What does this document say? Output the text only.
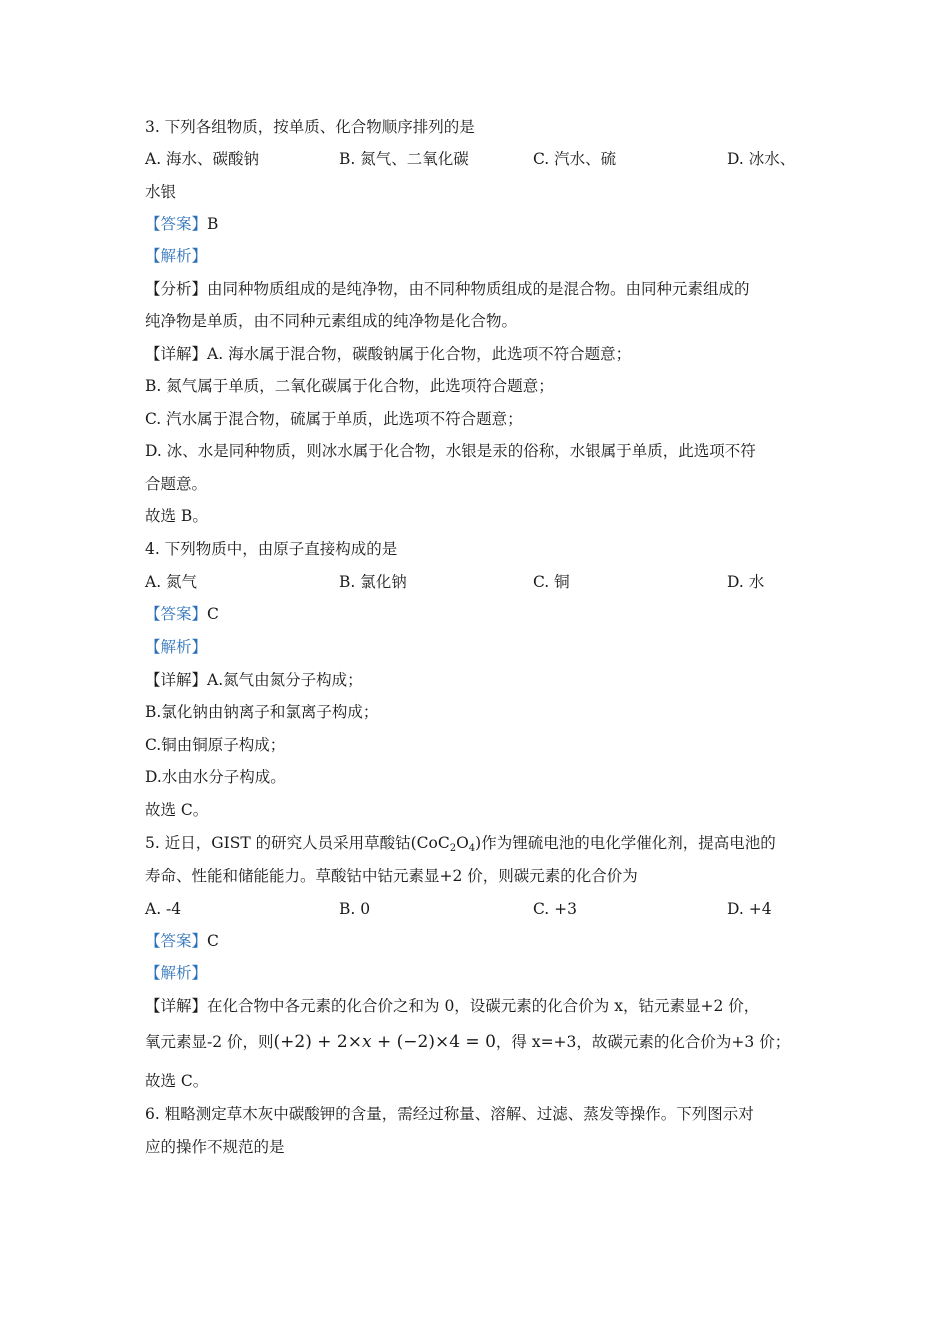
3. 下列各组物质，按单质、化合物顺序排列的是
A. 海水、碳酸钠	B. 氮气、二氧化碳	C. 汽水、硫	D. 冰水、
水银
【答案】B
【解析】
【分析】由同种物质组成的是纯净物，由不同种物质组成的是混合物。由同种元素组成的
纯净物是单质，由不同种元素组成的纯净物是化合物。
【详解】A. 海水属于混合物，碳酸钠属于化合物，此选项不符合题意；
B. 氮气属于单质，二氧化碳属于化合物，此选项符合题意；
C. 汽水属于混合物，硫属于单质，此选项不符合题意；
D. 冰、水是同种物质，则冰水属于化合物，水银是汞的俗称，水银属于单质，此选项不符
合题意。
故选 B。
4. 下列物质中，由原子直接构成的是
A. 氮气	B. 氯化钠	C. 铜	D. 水
【答案】C
【解析】
【详解】A.氮气由氮分子构成；
B.氯化钠由钠离子和氯离子构成；
C.铜由铜原子构成；
D.水由水分子构成。
故选 C。
5. 近日，GIST 的研究人员采用草酸钴$(CoC_2O_4)$作为锂硫电池的电化学催化剂，提高电池的
寿命、性能和储能能力。草酸钴中钴元素显+2 价，则碳元素的化合价为
A. -4	B. 0	C. +3	D. +4
【答案】C
【解析】
【详解】在化合物中各元素的化合价之和为 0，设碳元素的化合价为 x，钴元素显+2 价，
氧元素显-2 价，则(+2) + 2×x + (−2)×4 = 0，得 x=+3，故碳元素的化合价为+3 价；
故选 C。
6. 粗略测定草木灰中碳酸钾的含量，需经过称量、溶解、过滤、蒸发等操作。下列图示对
应的操作不规范的是
